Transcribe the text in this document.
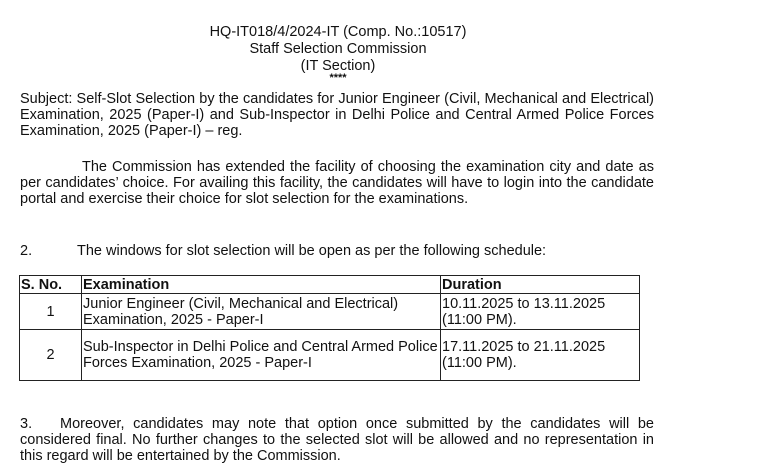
HQ-IT018/4/2024-IT (Comp. No.:10517)
Staff Selection Commission
(IT Section)
****
Subject: Self-Slot Selection by the candidates for Junior Engineer (Civil, Mechanical and Electrical) Examination, 2025 (Paper-I) and Sub-Inspector in Delhi Police and Central Armed Police Forces Examination, 2025 (Paper-I) – reg.
The Commission has extended the facility of choosing the examination city and date as per candidates’ choice. For availing this facility, the candidates will have to login into the candidate portal and exercise their choice for slot selection for the examinations.
2.	The windows for slot selection will be open as per the following schedule:
S. No.	Examination	Duration
1	Junior Engineer (Civil, Mechanical and Electrical) Examination, 2025 - Paper-I	10.11.2025 to 13.11.2025 (11:00 PM).
2	Sub-Inspector in Delhi Police and Central Armed Police Forces Examination, 2025 - Paper-I	17.11.2025 to 21.11.2025 (11:00 PM).
3. Moreover, candidates may note that option once submitted by the candidates will be considered final. No further changes to the selected slot will be allowed and no representation in this regard will be entertained by the Commission.
